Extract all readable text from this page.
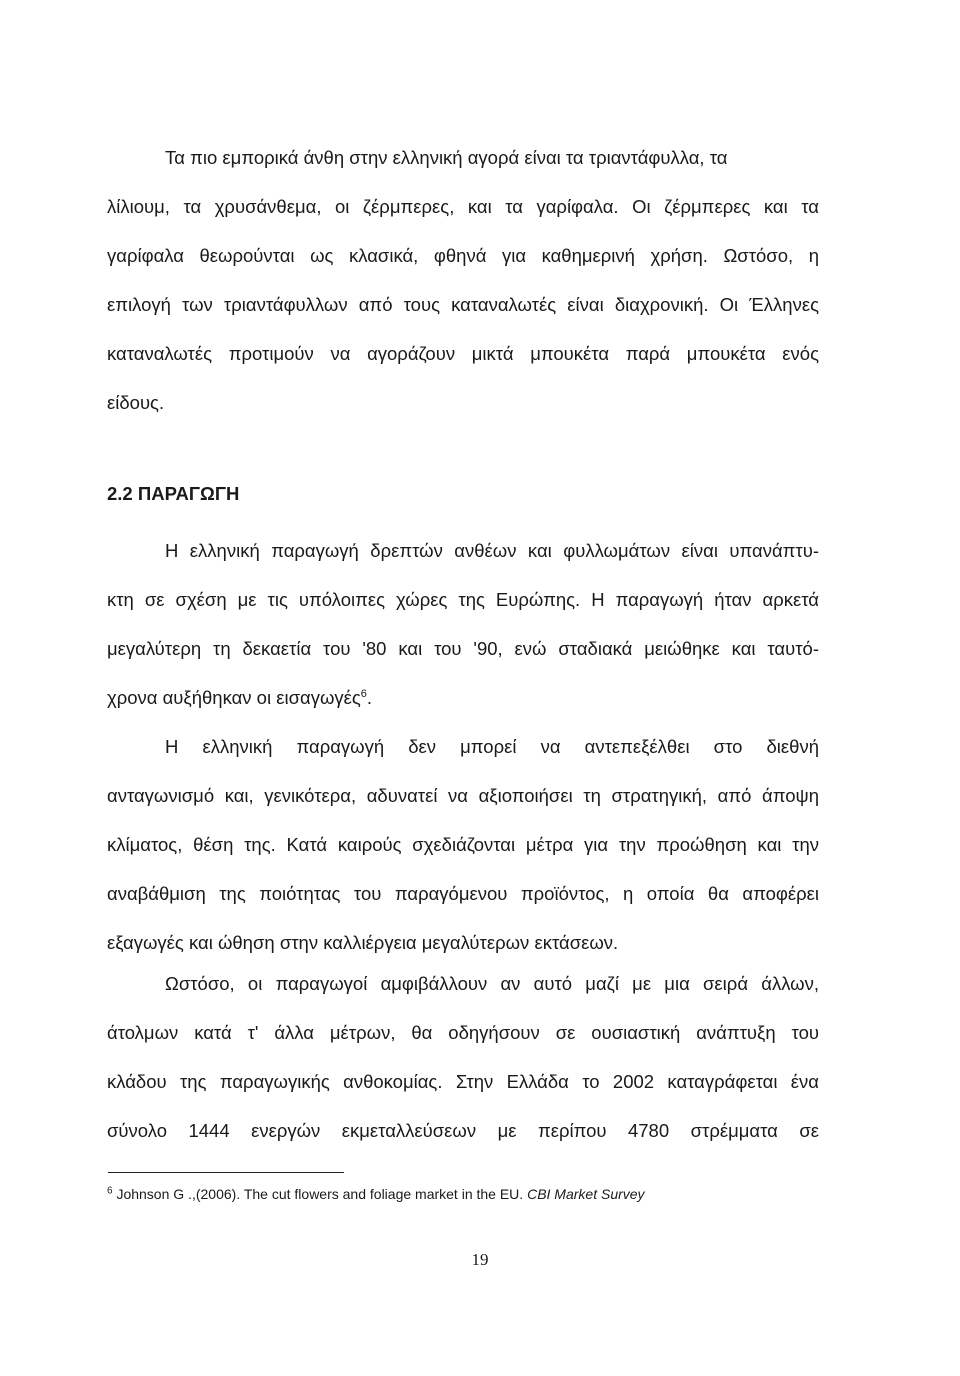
Τα πιο εμπορικά άνθη στην ελληνική αγορά είναι τα τριαντάφυλλα, τα
λίλιουμ, τα χρυσάνθεμα, οι ζέρμπερες, και τα γαρίφαλα. Οι ζέρμπερες και τα
γαρίφαλα θεωρούνται ως κλασικά, φθηνά για καθημερινή χρήση. Ωστόσο, η
επιλογή των τριαντάφυλλων από τους καταναλωτές είναι διαχρονική. Οι Έλληνες
καταναλωτές προτιμούν να αγοράζουν μικτά μπουκέτα παρά μπουκέτα ενός
είδους.
2.2 ΠΑΡΑΓΩΓΗ
Η ελληνική παραγωγή δρεπτών ανθέων και φυλλωμάτων είναι υπανάπτυ-
κτη σε σχέση με τις υπόλοιπες χώρες της Ευρώπης. Η παραγωγή ήταν αρκετά
μεγαλύτερη τη δεκαετία του '80 και του '90, ενώ σταδιακά μειώθηκε και ταυτό-
χρονα αυξήθηκαν οι εισαγωγές$^6$.
Η ελληνική παραγωγή δεν μπορεί να αντεπεξέλθει στο διεθνή
ανταγωνισμό και, γενικότερα, αδυνατεί να αξιοποιήσει τη στρατηγική, από άποψη
κλίματος, θέση της. Κατά καιρούς σχεδιάζονται μέτρα για την προώθηση και την
αναβάθμιση της ποιότητας του παραγόμενου προϊόντος, η οποία θα αποφέρει
εξαγωγές και ώθηση στην καλλιέργεια μεγαλύτερων εκτάσεων.
Ωστόσο, οι παραγωγοί αμφιβάλλουν αν αυτό μαζί με μια σειρά άλλων,
άτολμων κατά τ' άλλα μέτρων, θα οδηγήσουν σε ουσιαστική ανάπτυξη του
κλάδου της παραγωγικής ανθοκομίας. Στην Ελλάδα το 2002 καταγράφεται ένα
σύνολο 1444 ενεργών εκμεταλλεύσεων με περίπου 4780 στρέμματα σε
$^6$ Johnson G .,(2006). The cut flowers and foliage market in the EU. CBI Market Survey
19
